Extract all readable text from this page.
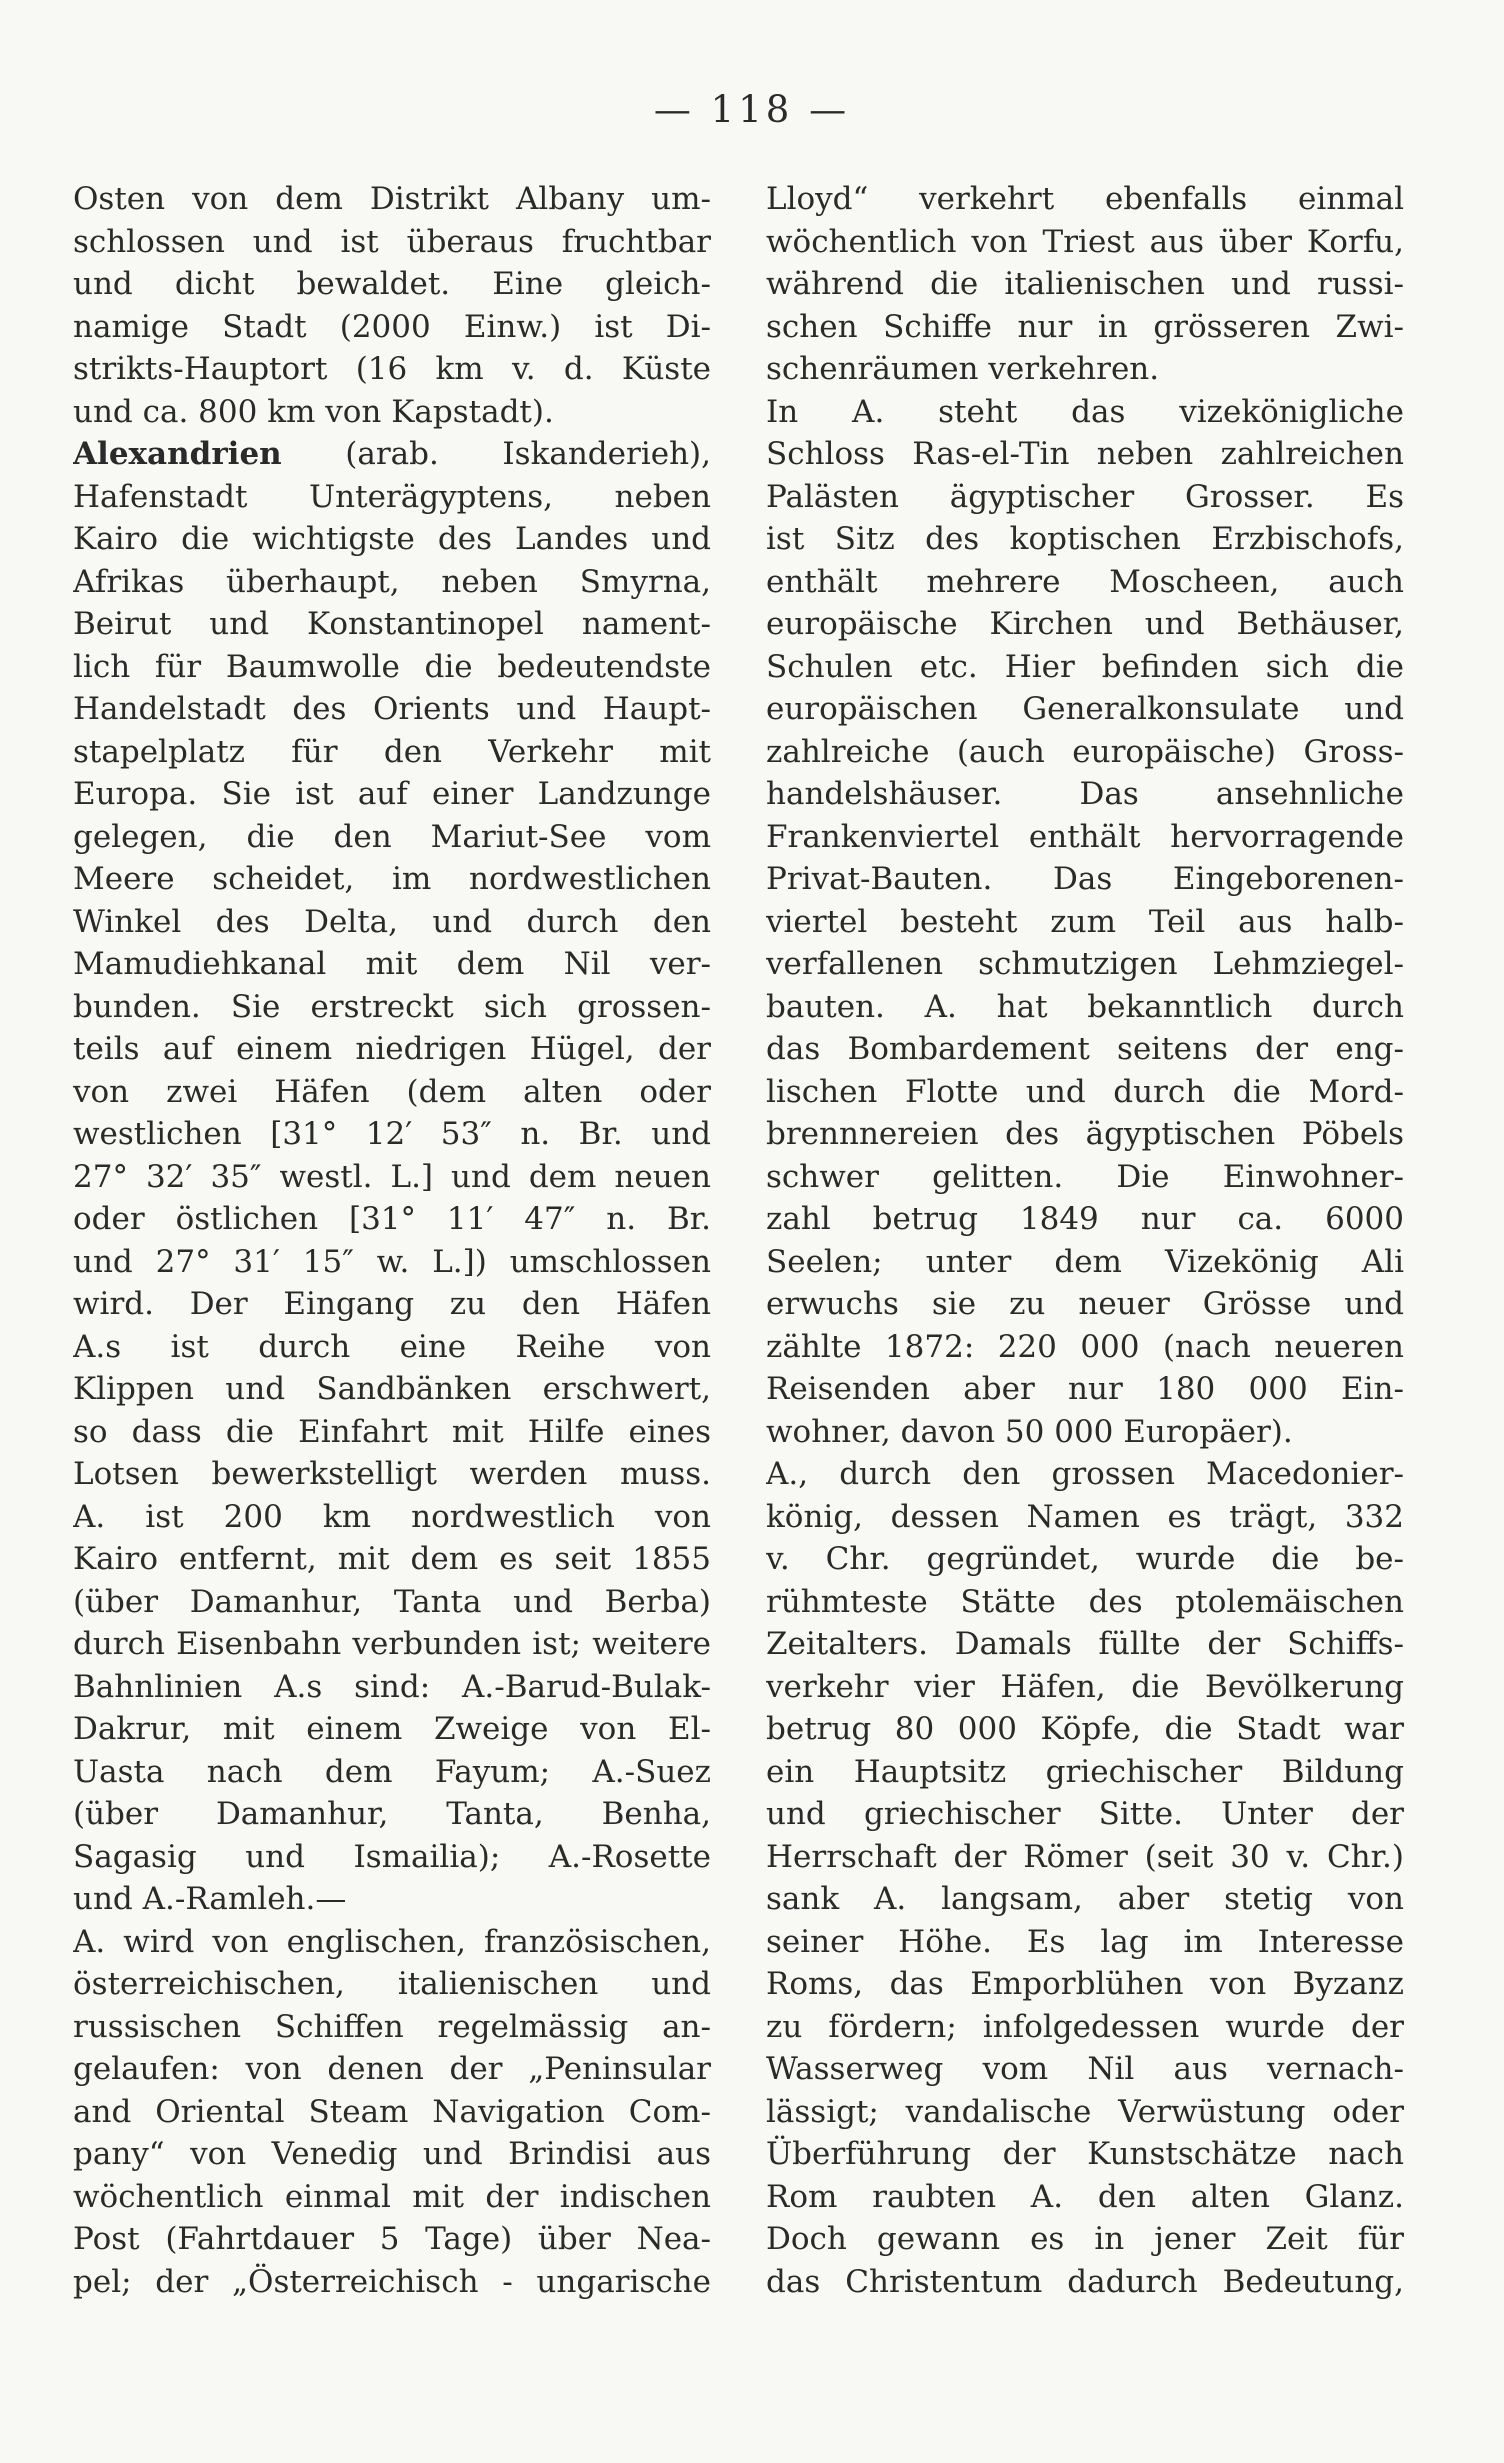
— 118 —
Osten von dem Distrikt Albany um-
schlossen und ist überaus fruchtbar
und dicht bewaldet. Eine gleich-
namige Stadt (2000 Einw.) ist Di-
strikts-Hauptort (16 km v. d. Küste
und ca. 800 km von Kapstadt).
Alexandrien (arab. Iskanderieh),
Hafenstadt Unterägyptens, neben
Kairo die wichtigste des Landes und
Afrikas überhaupt, neben Smyrna,
Beirut und Konstantinopel nament-
lich für Baumwolle die bedeutendste
Handelstadt des Orients und Haupt-
stapelplatz für den Verkehr mit
Europa. Sie ist auf einer Landzunge
gelegen, die den Mariut-See vom
Meere scheidet, im nordwestlichen
Winkel des Delta, und durch den
Mamudiehkanal mit dem Nil ver-
bunden. Sie erstreckt sich grossen-
teils auf einem niedrigen Hügel, der
von zwei Häfen (dem alten oder
westlichen [31° 12′ 53″ n. Br. und
27° 32′ 35″ westl. L.] und dem neuen
oder östlichen [31° 11′ 47″ n. Br.
und 27° 31′ 15″ w. L.]) umschlossen
wird. Der Eingang zu den Häfen
A.s ist durch eine Reihe von
Klippen und Sandbänken erschwert,
so dass die Einfahrt mit Hilfe eines
Lotsen bewerkstelligt werden muss.
A. ist 200 km nordwestlich von
Kairo entfernt, mit dem es seit 1855
(über Damanhur, Tanta und Berba)
durch Eisenbahn verbunden ist; weitere
Bahnlinien A.s sind: A.-Barud-Bulak-
Dakrur, mit einem Zweige von El-
Uasta nach dem Fayum; A.-Suez
(über Damanhur, Tanta, Benha,
Sagasig und Ismailia); A.-Rosette
und A.-Ramleh.—
A. wird von englischen, französischen,
österreichischen, italienischen und
russischen Schiffen regelmässig an-
gelaufen: von denen der „Peninsular
and Oriental Steam Navigation Com-
pany“ von Venedig und Brindisi aus
wöchentlich einmal mit der indischen
Post (Fahrtdauer 5 Tage) über Nea-
pel; der „Österreichisch - ungarische
Lloyd“ verkehrt ebenfalls einmal
wöchentlich von Triest aus über Korfu,
während die italienischen und russi-
schen Schiffe nur in grösseren Zwi-
schenräumen verkehren.
In A. steht das vizekönigliche
Schloss Ras-el-Tin neben zahlreichen
Palästen ägyptischer Grosser. Es
ist Sitz des koptischen Erzbischofs,
enthält mehrere Moscheen, auch
europäische Kirchen und Bethäuser,
Schulen etc. Hier befinden sich die
europäischen Generalkonsulate und
zahlreiche (auch europäische) Gross-
handelshäuser. Das ansehnliche
Frankenviertel enthält hervorragende
Privat-Bauten. Das Eingeborenen-
viertel besteht zum Teil aus halb-
verfallenen schmutzigen Lehmziegel-
bauten. A. hat bekanntlich durch
das Bombardement seitens der eng-
lischen Flotte und durch die Mord-
brennnereien des ägyptischen Pöbels
schwer gelitten. Die Einwohner-
zahl betrug 1849 nur ca. 6000
Seelen; unter dem Vizekönig Ali
erwuchs sie zu neuer Grösse und
zählte 1872: 220 000 (nach neueren
Reisenden aber nur 180 000 Ein-
wohner, davon 50 000 Europäer).
A., durch den grossen Macedonier-
könig, dessen Namen es trägt, 332
v. Chr. gegründet, wurde die be-
rühmteste Stätte des ptolemäischen
Zeitalters. Damals füllte der Schiffs-
verkehr vier Häfen, die Bevölkerung
betrug 80 000 Köpfe, die Stadt war
ein Hauptsitz griechischer Bildung
und griechischer Sitte. Unter der
Herrschaft der Römer (seit 30 v. Chr.)
sank A. langsam, aber stetig von
seiner Höhe. Es lag im Interesse
Roms, das Emporblühen von Byzanz
zu fördern; infolgedessen wurde der
Wasserweg vom Nil aus vernach-
lässigt; vandalische Verwüstung oder
Überführung der Kunstschätze nach
Rom raubten A. den alten Glanz.
Doch gewann es in jener Zeit für
das Christentum dadurch Bedeutung,
